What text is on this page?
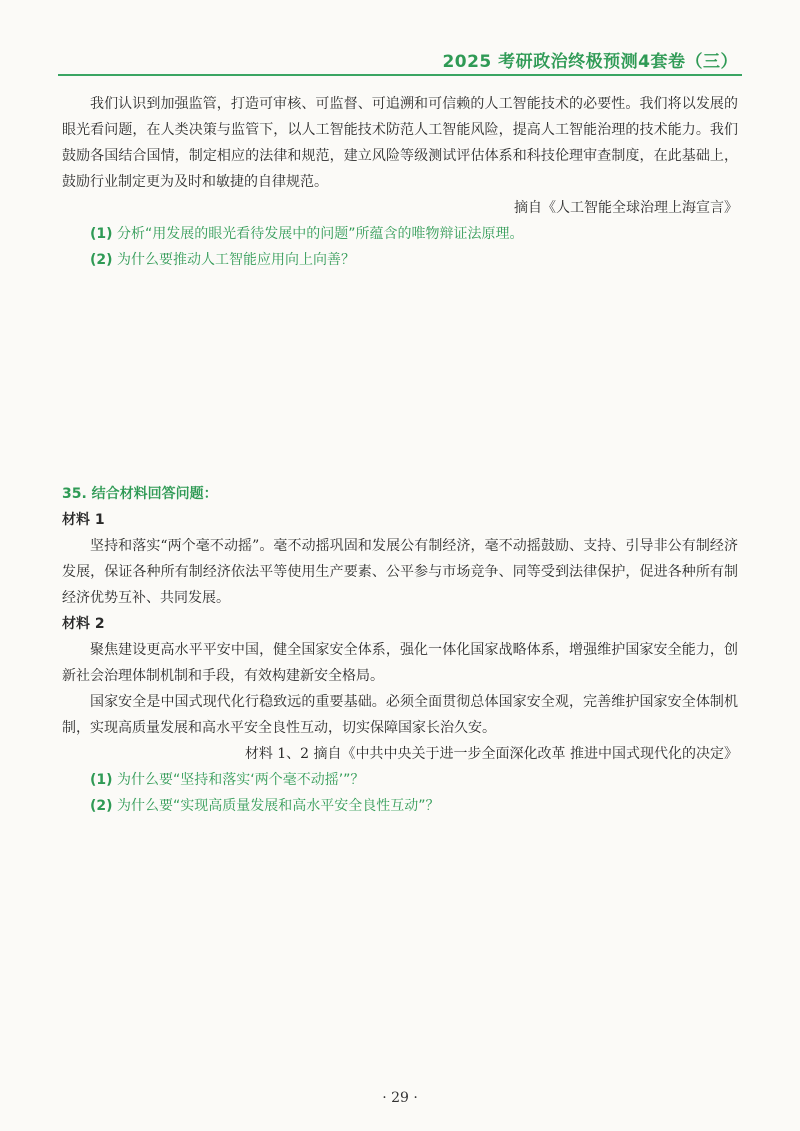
2025 考研政治终极预测4套卷（三）

我们认识到加强监管，打造可审核、可监督、可追溯和可信赖的人工智能技术的必要性。我们将以发展的眼光看问题，在人类决策与监管下，以人工智能技术防范人工智能风险，提高人工智能治理的技术能力。我们鼓励各国结合国情，制定相应的法律和规范，建立风险等级测试评估体系和科技伦理审查制度，在此基础上，鼓励行业制定更为及时和敏捷的自律规范。

摘自《人工智能全球治理上海宣言》

(1) 分析“用发展的眼光看待发展中的问题”所蕴含的唯物辩证法原理。

(2) 为什么要推动人工智能应用向上向善？

35. 结合材料回答问题：

材料 1

坚持和落实“两个毫不动摇”。毫不动摇巩固和发展公有制经济，毫不动摇鼓励、支持、引导非公有制经济发展，保证各种所有制经济依法平等使用生产要素、公平参与市场竞争、同等受到法律保护，促进各种所有制经济优势互补、共同发展。

材料 2

聚焦建设更高水平平安中国，健全国家安全体系，强化一体化国家战略体系，增强维护国家安全能力，创新社会治理体制机制和手段，有效构建新安全格局。

国家安全是中国式现代化行稳致远的重要基础。必须全面贯彻总体国家安全观，完善维护国家安全体制机制，实现高质量发展和高水平安全良性互动，切实保障国家长治久安。

材料 1、2 摘自《中共中央关于进一步全面深化改革 推进中国式现代化的决定》

(1) 为什么要“坚持和落实‘两个毫不动摇’”？

(2) 为什么要“实现高质量发展和高水平安全良性互动”？

· 29 ·
